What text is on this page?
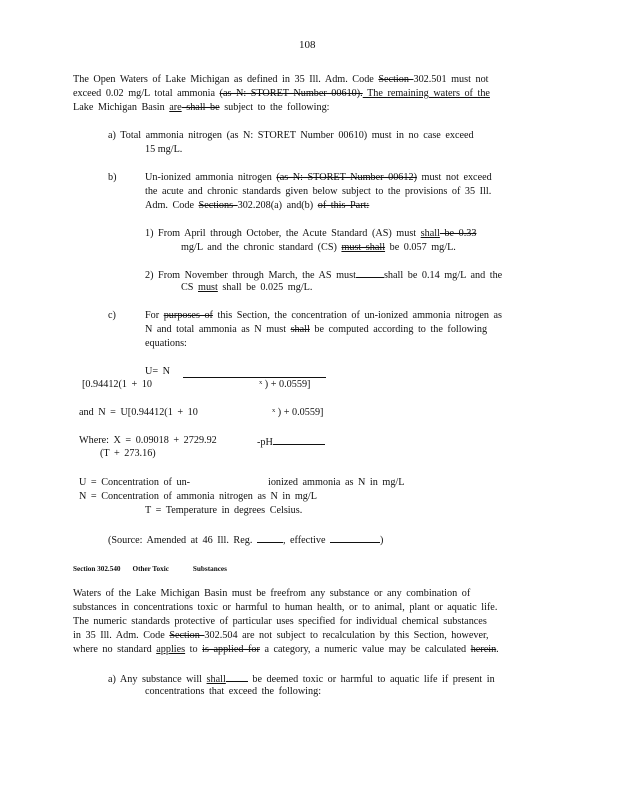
108
The Open Waters of Lake Michigan as defined in 35 Ill. Adm. Code Section 302.501 must not
exceed 0.02 mg/L total ammonia (as N: STORET Number 00610). The remaining waters of the
Lake Michigan Basin are shall be subject to the following:
a) Total ammonia nitrogen (as N: STORET Number 00610) must in no case exceed
15 mg/L.
b)	Un-ionized ammonia nitrogen (as N: STORET Number 00612) must not exceed
the acute and chronic standards given below subject to the provisions of 35 Ill.
Adm. Code Sections 302.208(a) and(b) of this Part:
1) From April through October, the Acute Standard (AS) must shall be 0.33
mg/L and the chronic standard (CS) must shall be 0.057 mg/L.
2) From November through March, the AS must	shall be 0.14 mg/L and the
CS must shall be 0.025 mg/L.
c)	For purposes of this Section, the concentration of un-ionized ammonia nitrogen as
N and total ammonia as N must shall be computed according to the following
equations:
U= N
[0.94412(1 + 10	$^x$ ) + 0.0559]
and N = U[0.94412(1 + 10	$^x$ ) + 0.0559]
Where: X = 0.09018 + 2729.92	-pH
(T + 273.16)
U = Concentration of un-	ionized ammonia as N in mg/L
N = Concentration of ammonia nitrogen as N in mg/L
T = Temperature in degrees Celsius.
(Source: Amended at 46 Ill. Reg.	, effective	)
Section 302.540 Other Toxic	Substances
Waters of the Lake Michigan Basin must be freefrom any substance or any combination of
substances in concentrations toxic or harmful to human health, or to animal, plant or aquatic life.
The numeric standards protective of particular uses specified for individual chemical substances
in 35 Ill. Adm. Code Section 302.504 are not subject to recalculation by this Section, however,
where no standard applies to is applied for a category, a numeric value may be calculated herein.
a) Any substance will shall be deemed toxic or harmful to aquatic life if present in
concentrations that exceed the following:
